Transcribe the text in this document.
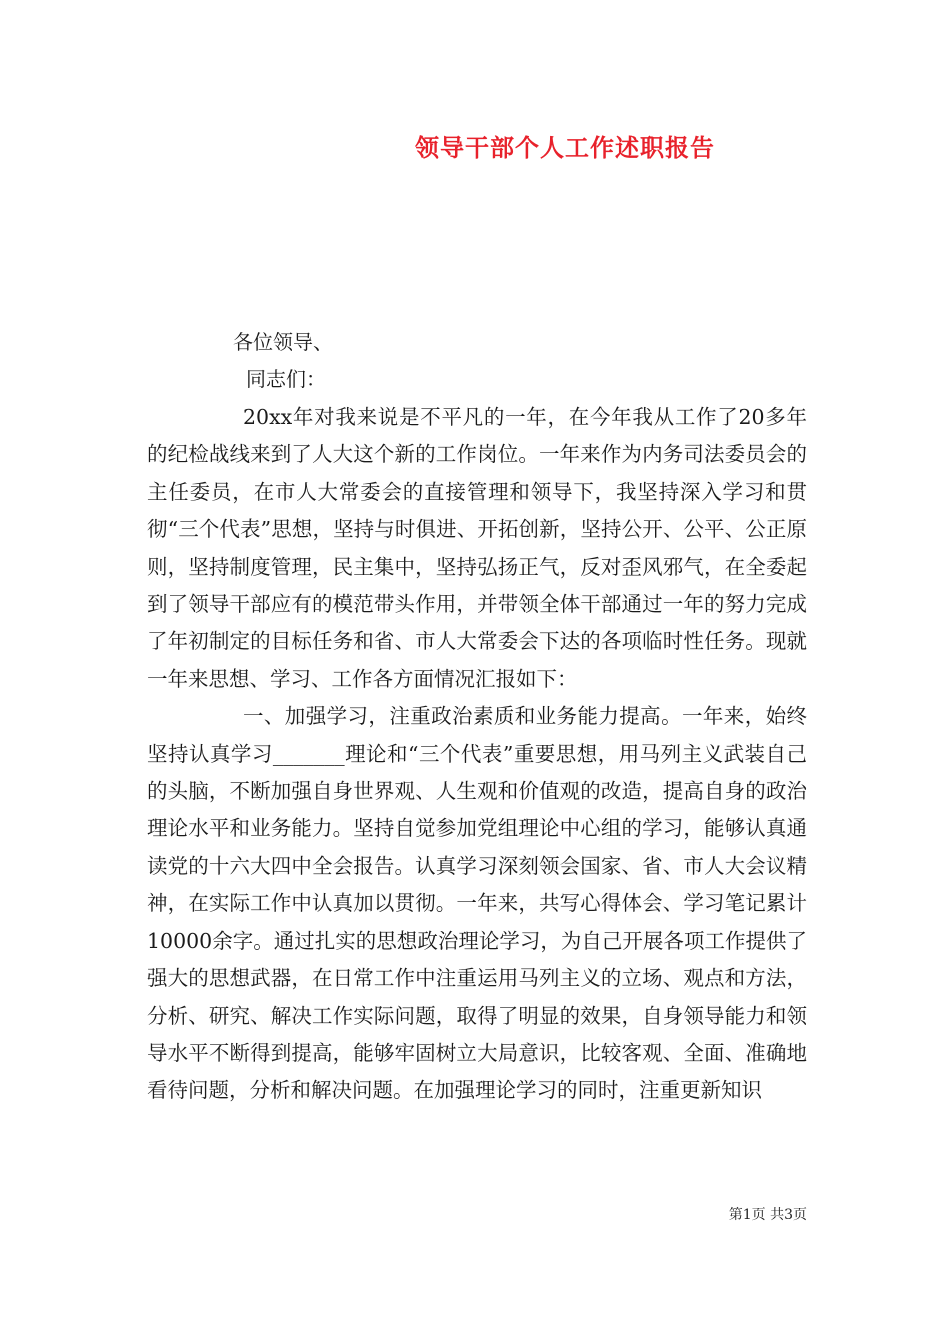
领导干部个人工作述职报告

各位领导、

同志们：

20xx年对我来说是不平凡的一年，在今年我从工作了20多年的纪检战线来到了人大这个新的工作岗位。一年来作为内务司法委员会的主任委员，在市人大常委会的直接管理和领导下，我坚持深入学习和贯彻“三个代表”思想，坚持与时俱进、开拓创新，坚持公开、公平、公正原则，坚持制度管理，民主集中，坚持弘扬正气，反对歪风邪气，在全委起到了领导干部应有的模范带头作用，并带领全体干部通过一年的努力完成了年初制定的目标任务和省、市人大常委会下达的各项临时性任务。现就一年来思想、学习、工作各方面情况汇报如下：

一、加强学习，注重政治素质和业务能力提高。一年来，始终坚持认真学习_______理论和“三个代表”重要思想，用马列主义武装自己的头脑，不断加强自身世界观、人生观和价值观的改造，提高自身的政治理论水平和业务能力。坚持自觉参加党组理论中心组的学习，能够认真通读党的十六大四中全会报告。认真学习深刻领会国家、省、市人大会议精神，在实际工作中认真加以贯彻。一年来，共写心得体会、学习笔记累计10000余字。通过扎实的思想政治理论学习，为自己开展各项工作提供了强大的思想武器，在日常工作中注重运用马列主义的立场、观点和方法，分析、研究、解决工作实际问题，取得了明显的效果，自身领导能力和领导水平不断得到提高，能够牢固树立大局意识，比较客观、全面、准确地看待问题，分析和解决问题。在加强理论学习的同时，注重更新知识

第1页 共3页
